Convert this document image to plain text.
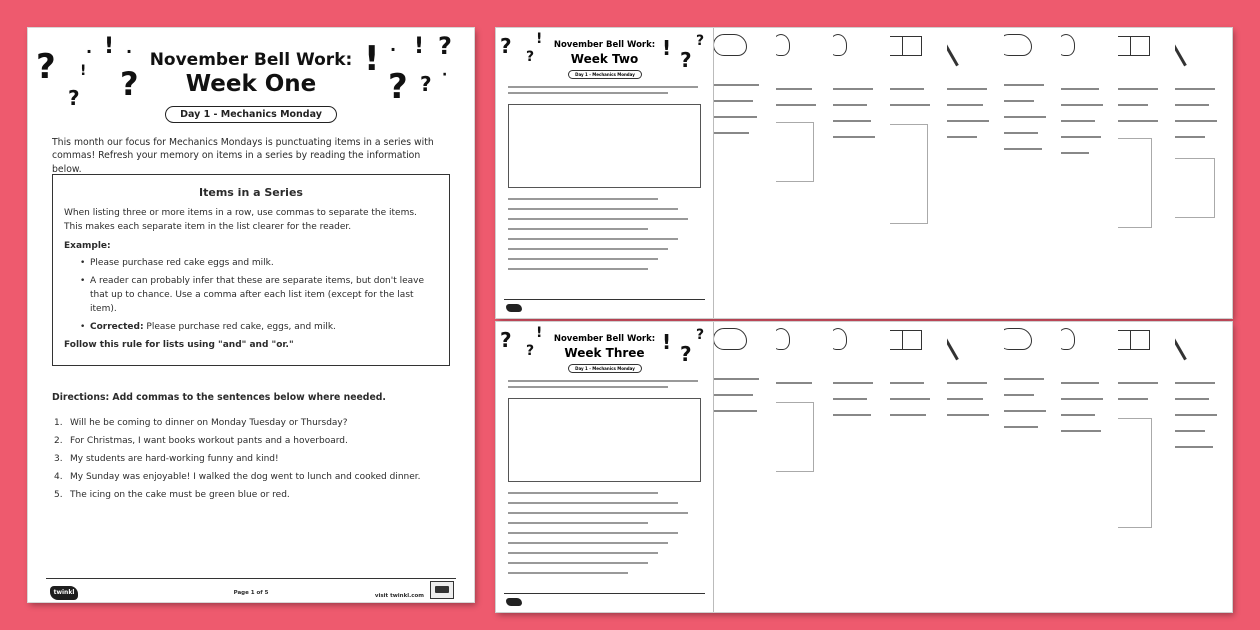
?
?
!
!
?
· ·	!
?
! ?
?
·
·
November Bell Work:
Week One
Day 1 - Mechanics Monday
This month our focus for Mechanics Mondays is punctuating items in a series with commas! Refresh your memory on items in a series by reading the information below.
Items in a Series
When listing three or more items in a row, use commas to separate the items. This makes each separate item in the list clearer for the reader.
Example:
• Please purchase red cake eggs and milk.
• A reader can probably infer that these are separate items, but don't leave that up to chance. Use a comma after each list item (except for the last item).
• Corrected: Please purchase red cake, eggs, and milk.
Follow this rule for lists using "and" and "or."
Directions: Add commas to the sentences below where needed.
1. Will he be coming to dinner on Monday Tuesday or Thursday?
2. For Christmas, I want books workout pants and a hoverboard.
3. My students are hard-working funny and kind!
4. My Sunday was enjoyable! I walked the dog went to lunch and cooked dinner.
5. The icing on the cake must be green blue or red.
twinkl	Page 1 of 5	visit twinkl.com
? ?
!	! ?
?
November Bell Work:
Week Two
Day 1 - Mechanics Monday
? ?
!	! ?
?
November Bell Work:
Week Three
Day 1 - Mechanics Monday
